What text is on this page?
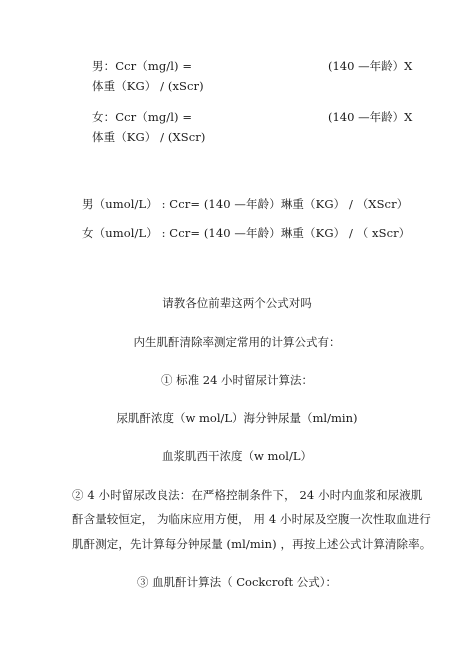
男：Ccr（mg/l) =	(140 —年龄）X
体重（KG） / (xScr)
女：Ccr（mg/l) =	(140 —年龄）X
体重（KG） / (XScr)
男（umol/L） : Ccr= (140 —年龄）琳重（KG） / （XScr）
女（umol/L） : Ccr= (140 —年龄）琳重（KG） / （ xScr）
请教各位前辈这两个公式对吗
内生肌酐清除率测定常用的计算公式有：
① 标准 24 小时留尿计算法：
尿肌酐浓度（w mol/L）海分钟尿量（ml/min)
血浆肌西干浓度（w mol/L）
② 4 小时留尿改良法：在严格控制条件下， 24 小时内血浆和尿液肌
酐含量较恒定， 为临床应用方便， 用 4 小时尿及空腹一次性取血进行
肌酐测定，先计算每分钟尿量 (ml/min) ，再按上述公式计算清除率。
③ 血肌酐计算法（ Cockcroft 公式）：
